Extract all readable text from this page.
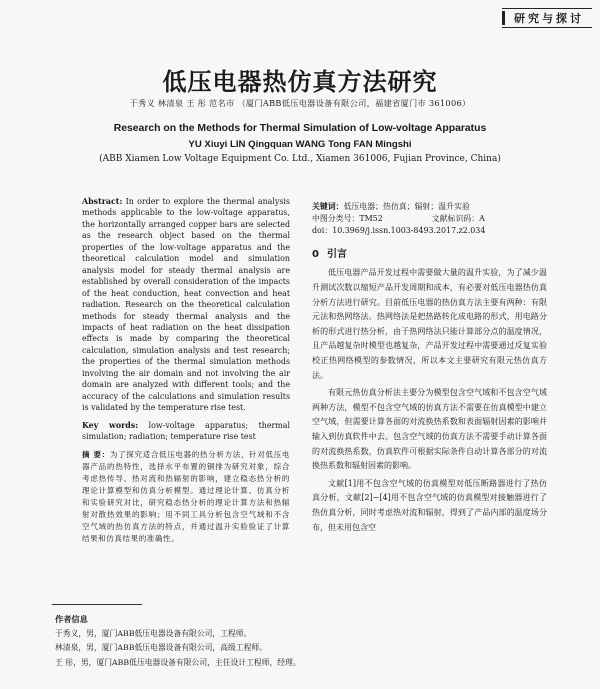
研究与探讨
低压电器热仿真方法研究
于秀义 林清泉 王 彤 范名市 （厦门ABB低压电器设备有限公司，福建省厦门市 361006）
Research on the Methods for Thermal Simulation of Low-voltage Apparatus
YU Xiuyi LIN Qingquan WANG Tong FAN Mingshi
(ABB Xiamen Low Voltage Equipment Co. Ltd., Xiamen 361006, Fujian Province, China)
Abstract: In order to explore the thermal analysis methods applicable to the low-voltage apparatus, the horizontally arranged copper bars are selected as the research object based on the thermal properties of the low-voltage apparatus and the theoretical calculation model and simulation analysis model for steady thermal analysis are established by overall consideration of the impacts of the heat conduction, heat convection and heat radiation. Research on the theoretical calculation methods for steady thermal analysis and the impacts of heat radiation on the heat dissipation effects is made by comparing the theoretical calculation, simulation analysis and test research; the properties of the thermal simulation methods involving the air domain and not involving the air domain are analyzed with different tools; and the accuracy of the calculations and simulation results is validated by the temperature rise test.
Key words: low-voltage apparatus; thermal simulation; radiation; temperature rise test
摘 要：为了探究适合低压电器的热分析方法，针对低压电器产品的热特性，选择水平布置的铜排为研究对象，综合考虑热传导、热对流和热辐射的影响，建立稳态热分析的理论计算模型和仿真分析模型。通过理论计算、仿真分析和实验研究对比，研究稳态热分析的理论计算方法和热辐射对散热效果的影响；用不同工具分析包含空气域和不含空气域的热仿真方法的特点，并通过温升实验验证了计算结果和仿真结果的准确性。
关键词：低压电器；热仿真；辐射；温升实验
中图分类号：TM52	文献标识码：A
doi：10.3969/j.issn.1003-8493.2017.z2.034
0 引言
低压电器产品开发过程中需要做大量的温升实验，为了减少温升测试次数以缩短产品开发周期和成本，有必要对低压电器热仿真分析方法进行研究。目前低压电器的热仿真方法主要有两种：有限元法和热网络法。热网络法是把热路转化成电路的形式，用电路分析的形式进行热分析，由于热网络法只能计算部分点的温度情况，且产品越复杂时模型也越复杂，产品开发过程中需要通过反复实验校正热网络模型的参数情况，所以本文主要研究有限元热仿真方法。
有限元热仿真分析法主要分为模型包含空气域和不包含空气域两种方法，模型不包含空气域的仿真方法不需要在仿真模型中建立空气域，但需要计算各面的对流换热系数和表面辐射因素的影响并输入到仿真软件中去。包含空气域的仿真方法不需要手动计算各面的对流换热系数，仿真软件可根据实际条件自动计算各部分的对流换热系数和辐射因素的影响。
文献[1]用不包含空气域的仿真模型对低压断路器进行了热仿真分析，文献[2]~[4]用不包含空气域的仿真模型对接触器进行了热仿真分析，同时考虑热对流和辐射，得到了产品内部的温度场分布，但未用包含空
作者信息
于秀义，男，厦门ABB低压电器设备有限公司，工程师。
林清泉，男，厦门ABB低压电器设备有限公司，高级工程师。
王 彤，男，厦门ABB低压电器设备有限公司，主任设计工程师，经理。
